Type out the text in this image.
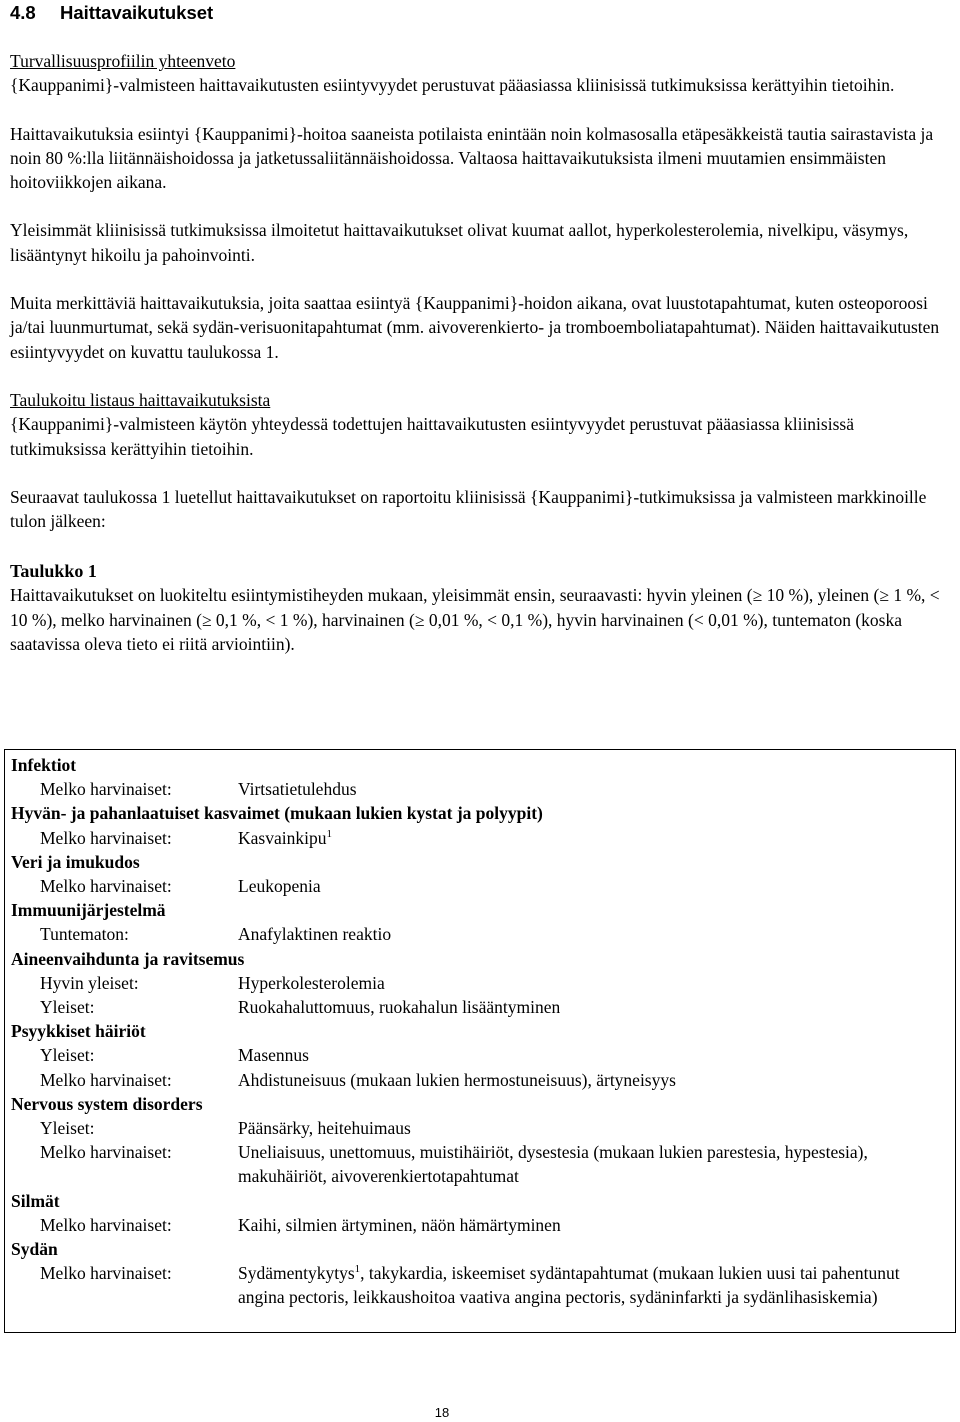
4.8 Haittavaikutukset
Turvallisuusprofiilin yhteenveto
{Kauppanimi}-valmisteen haittavaikutusten esiintyvyydet perustuvat pääasiassa kliinisissä tutkimuksissa kerättyihin tietoihin.
Haittavaikutuksia esiintyi {Kauppanimi}-hoitoa saaneista potilaista enintään noin kolmasosalla etäpesäkkeistä tautia sairastavista ja noin 80 %:lla liitännäishoidossa ja jatketussaliitännäishoidossa. Valtaosa haittavaikutuksista ilmeni muutamien ensimmäisten hoitoviikkojen aikana.
Yleisimmät kliinisissä tutkimuksissa ilmoitetut haittavaikutukset olivat kuumat aallot, hyperkolesterolemia, nivelkipu, väsymys, lisääntynyt hikoilu ja pahoinvointi.
Muita merkittäviä haittavaikutuksia, joita saattaa esiintyä {Kauppanimi}-hoidon aikana, ovat luustotapahtumat, kuten osteoporoosi ja/tai luunmurtumat, sekä sydän-verisuonitapahtumat (mm. aivoverenkierto- ja tromboemboliatapahtumat). Näiden haittavaikutusten esiintyvyydet on kuvattu taulukossa 1.
Taulukoitu listaus haittavaikutuksista
{Kauppanimi}-valmisteen käytön yhteydessä todettujen haittavaikutusten esiintyvyydet perustuvat pääasiassa kliinisissä tutkimuksissa kerättyihin tietoihin.
Seuraavat taulukossa 1 luetellut haittavaikutukset on raportoitu kliinisissä {Kauppanimi}-tutkimuksissa ja valmisteen markkinoille tulon jälkeen:
Taulukko 1
Haittavaikutukset on luokiteltu esiintymistiheyden mukaan, yleisimmät ensin, seuraavasti: hyvin yleinen (≥ 10 %), yleinen (≥ 1 %, < 10 %), melko harvinainen (≥ 0,1 %, < 1 %), harvinainen (≥ 0,01 %, < 0,1 %), hyvin harvinainen (< 0,01 %), tuntematon (koska saatavissa oleva tieto ei riitä arviointiin).
Infektiot
Melko harvinaiset:	Virtsatietulehdus
Hyvän- ja pahanlaatuiset kasvaimet (mukaan lukien kystat ja polyypit)
Melko harvinaiset:	Kasvainkipu$^1$
Veri ja imukudos
Melko harvinaiset:	Leukopenia
Immuunijärjestelmä
Tuntematon:	Anafylaktinen reaktio
Aineenvaihdunta ja ravitsemus
Hyvin yleiset:	Hyperkolesterolemia
Yleiset:	Ruokahaluttomuus, ruokahalun lisääntyminen
Psyykkiset häiriöt
Yleiset:	Masennus
Melko harvinaiset:	Ahdistuneisuus (mukaan lukien hermostuneisuus), ärtyneisyys
Nervous system disorders
Yleiset:	Päänsärky, heitehuimaus
Melko harvinaiset:	Uneliaisuus, unettomuus, muistihäiriöt, dysestesia (mukaan lukien parestesia, hypestesia), makuhäiriöt, aivoverenkiertotapahtumat
Silmät
Melko harvinaiset:	Kaihi, silmien ärtyminen, näön hämärtyminen
Sydän
Melko harvinaiset:	Sydämentykytys$^1$, takykardia, iskeemiset sydäntapahtumat (mukaan lukien uusi tai pahentunut angina pectoris, leikkaushoitoa vaativa angina pectoris, sydäninfarkti ja sydänlihasiskemia)
18
